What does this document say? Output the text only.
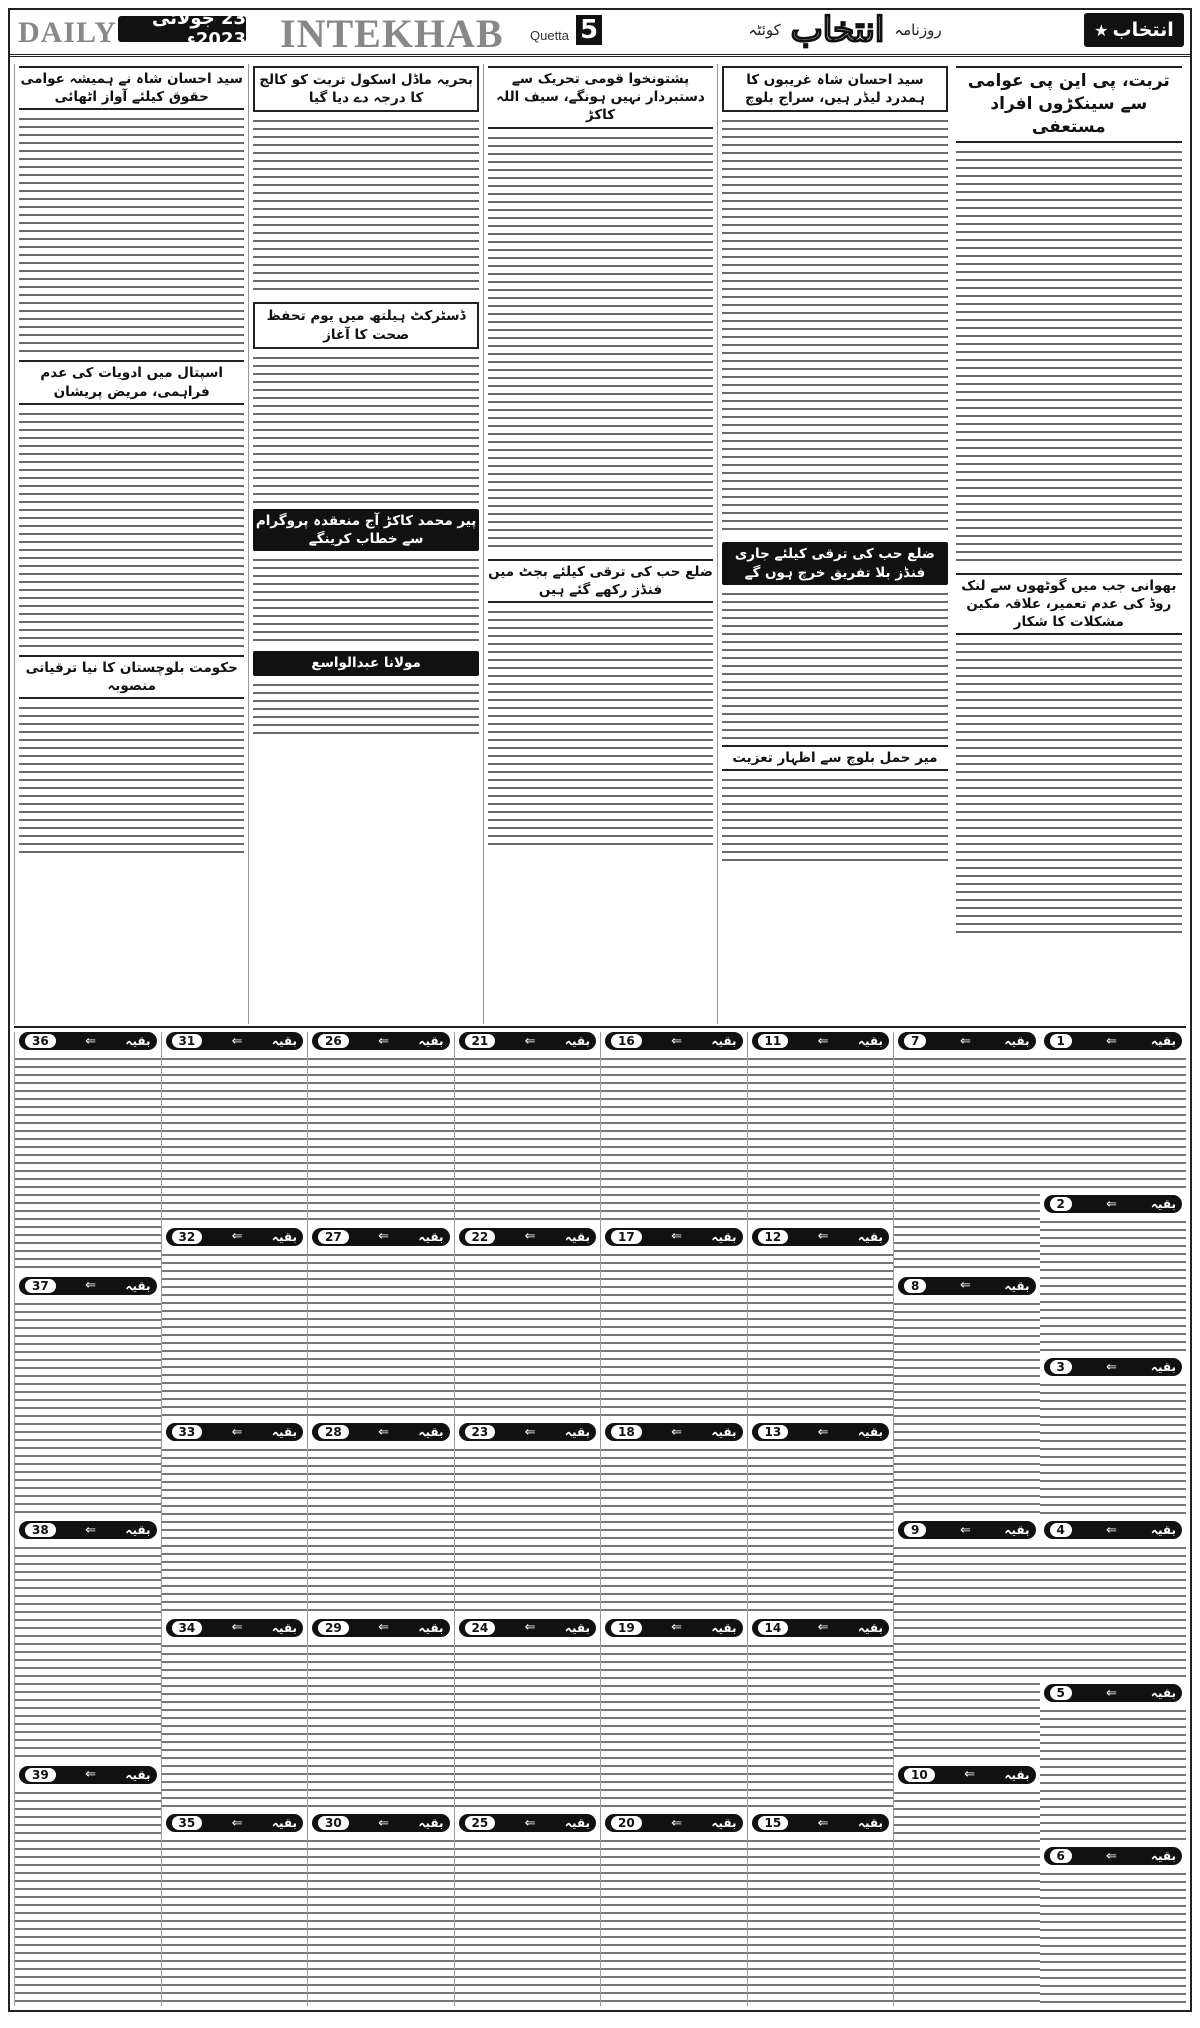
DAILY	23 جولائی 2023ء INTEKHAB Quetta 5	روزنامہ
انتخاب
کوئٹہ	★ انتخاب
تربت، پی این پی عوامی سے سینکڑوں افراد مستعفی
بھوانی جب میں گوٹھوں سے لنک روڈ کی عدم تعمیر، علاقہ مکین مشکلات کا شکار
سید احسان شاہ غریبوں کا ہمدرد لیڈر ہیں، سراج بلوچ
ضلع حب کی ترقی کیلئے جاری فنڈز بلا تفریق خرچ ہوں گے
میر حمل بلوچ سے اظہار تعزیت
پشتونخوا قومی تحریک سے دستبردار نہیں ہونگے، سیف اللہ کاکڑ
ضلع حب کی ترقی کیلئے بجٹ میں فنڈز رکھے گئے ہیں
بحریہ ماڈل اسکول تربت کو کالج کا درجہ دے دیا گیا
ڈسٹرکٹ ہیلتھ میں یوم تحفظ صحت کا آغاز
پیر محمد کاکڑ آج منعقدہ پروگرام سے خطاب کرینگے
مولانا عبدالواسع
سید احسان شاہ نے ہمیشہ عوامی حقوق کیلئے آواز اٹھائی
اسپتال میں ادویات کی عدم فراہمی، مریض پریشان
حکومت بلوچستان کا نیا ترقیاتی منصوبہ
بقیہ
⇐
1
بقیہ
⇐
2
بقیہ
⇐
3
بقیہ
⇐
4
بقیہ
⇐
5
بقیہ
⇐
6
بقیہ
⇐
7
بقیہ
⇐
8
بقیہ
⇐
9
بقیہ
⇐
10
بقیہ
⇐
11
بقیہ
⇐
12
بقیہ
⇐
13
بقیہ
⇐
14
بقیہ
⇐
15
بقیہ
⇐
16
بقیہ
⇐
17
بقیہ
⇐
18
بقیہ
⇐
19
بقیہ
⇐
20
بقیہ
⇐
21
بقیہ
⇐
22
بقیہ
⇐
23
بقیہ
⇐
24
بقیہ
⇐
25
بقیہ
⇐
26
بقیہ
⇐
27
بقیہ
⇐
28
بقیہ
⇐
29
بقیہ
⇐
30
بقیہ
⇐
31
بقیہ
⇐
32
بقیہ
⇐
33
بقیہ
⇐
34
بقیہ
⇐
35
بقیہ
⇐
36
بقیہ
⇐
37
بقیہ
⇐
38
بقیہ
⇐
39
